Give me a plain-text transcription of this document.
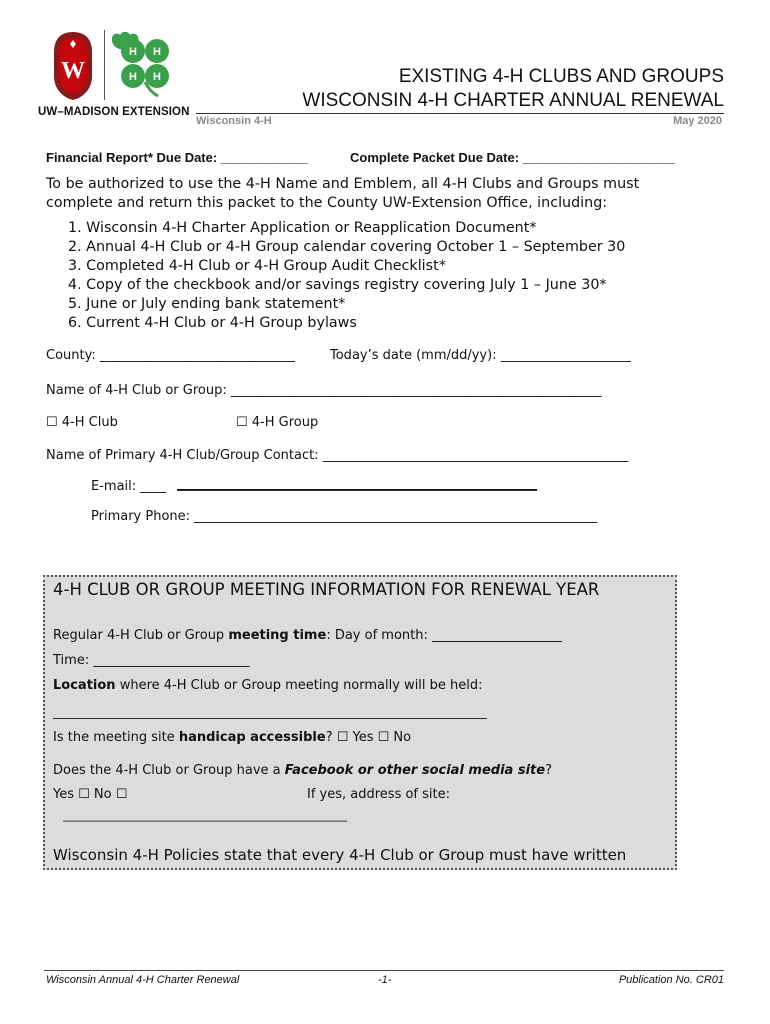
W
H H
H H
UW–MADISON EXTENSION
EXISTING 4-H CLUBS AND GROUPS
WISCONSIN 4-H CHARTER ANNUAL RENEWAL
Wisconsin 4-H	May 2020
Financial Report* Due Date: ____________	Complete Packet Due Date: _____________________
To be authorized to use the 4-H Name and Emblem, all 4-H Clubs and Groups must complete and return this packet to the County UW-Extension Office, including:
1. Wisconsin 4-H Charter Application or Reapplication Document*
2. Annual 4-H Club or 4-H Group calendar covering October 1 – September 30
3. Completed 4-H Club or 4-H Group Audit Checklist*
4. Copy of the checkbook and/or savings registry covering July 1 – June 30*
5. June or July ending bank statement*
6. Current 4-H Club or 4-H Group bylaws
County: ______________________________	Today’s date (mm/dd/yy): ____________________
Name of 4-H Club or Group: _________________________________________________________
☐ 4-H Club	☐ 4-H Group
Name of Primary 4-H Club/Group Contact: _______________________________________________
E-mail: ____ ____________________________________________________________
Primary Phone: ______________________________________________________________
4-H CLUB OR GROUP MEETING INFORMATION FOR RENEWAL YEAR
Regular 4-H Club or Group meeting time: Day of month: ____________________
Time: ________________________
Location where 4-H Club or Group meeting normally will be held:
______________________________________________________________________
Is the meeting site handicap accessible? ☐ Yes ☐ No
Does the 4-H Club or Group have a Facebook or other social media site?
Yes ☐ No ☐	If yes, address of site:
_________________________________________________
Wisconsin 4-H Policies state that every 4-H Club or Group must have written
Wisconsin Annual 4-H Charter Renewal	-1-	Publication No. CR01
